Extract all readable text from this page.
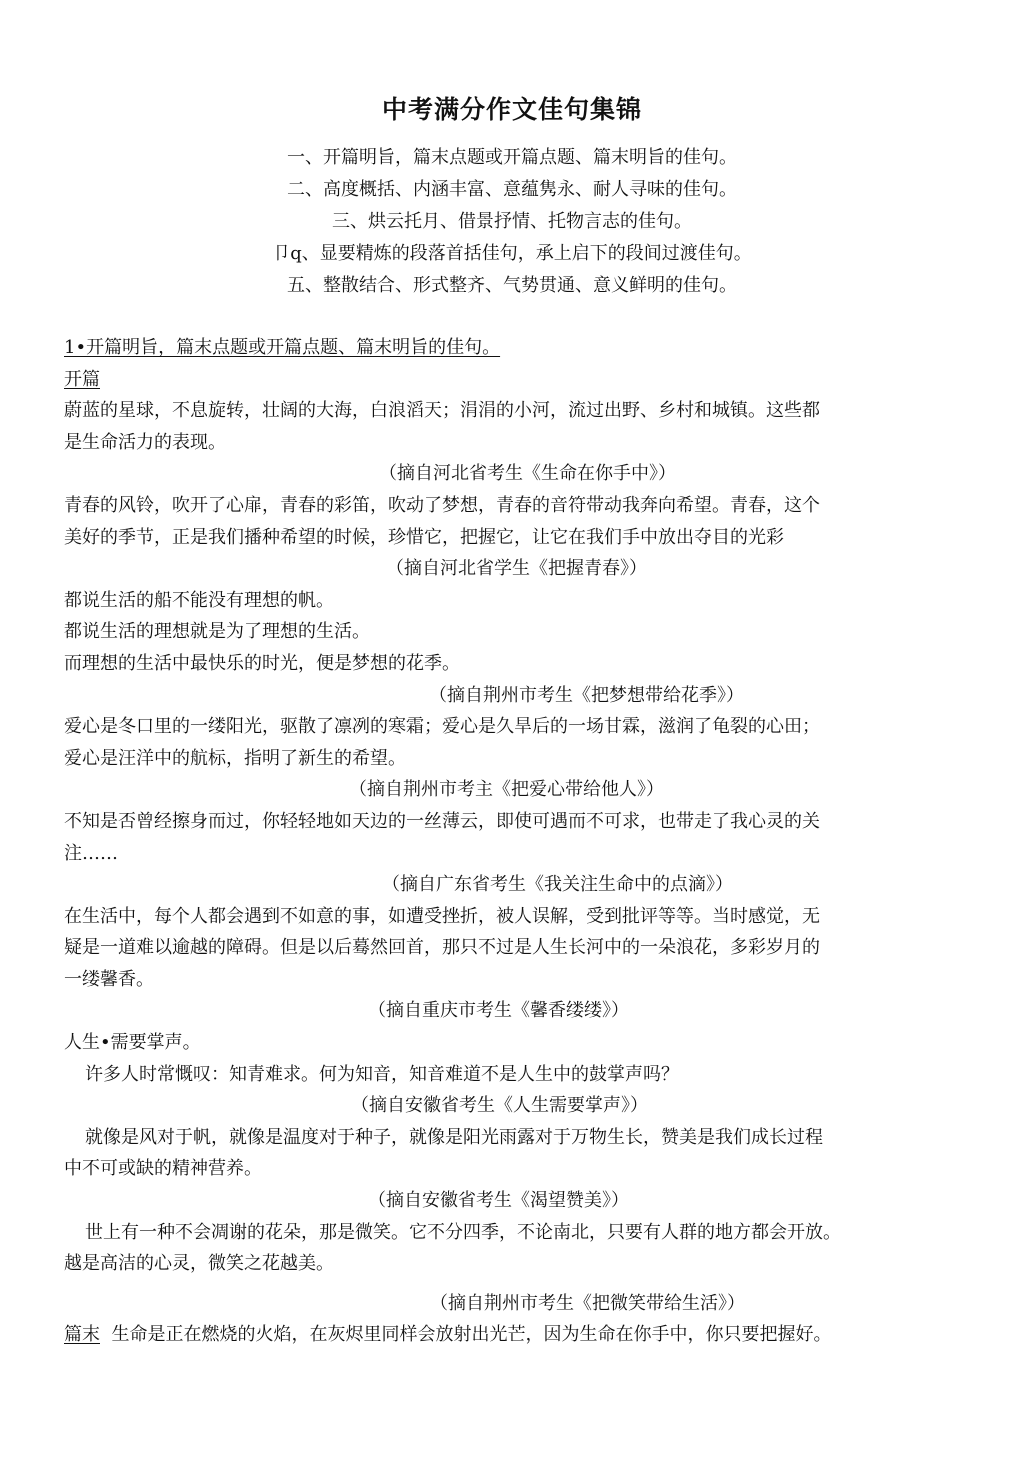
中考满分作文佳句集锦
一、开篇明旨，篇末点题或开篇点题、篇末明旨的佳句。
二、高度概括、内涵丰富、意蕴隽永、耐人寻味的佳句。
三、烘云托月、借景抒情、托物言志的佳句。
卩q、显要精炼的段落首括佳句，承上启下的段间过渡佳句。
五、整散结合、形式整齐、气势贯通、意义鲜明的佳句。
1•开篇明旨，篇末点题或开篇点题、篇末明旨的佳句。
开篇
蔚蓝的星球，不息旋转，壮阔的大海，白浪滔天；涓涓的小河，流过出野、乡村和城镇。这些都
是生命活力的表现。
（摘自河北省考生《生命在你手中》）
青春的风铃，吹开了心扉，青春的彩笛，吹动了梦想，青春的音符带动我奔向希望。青春，这个
美好的季节，正是我们播种希望的时候，珍惜它，把握它，让它在我们手中放出夺目的光彩
（摘自河北省学生《把握青春》）
都说生活的船不能没有理想的帆。
都说生活的理想就是为了理想的生活。
而理想的生活中最快乐的时光，便是梦想的花季。
（摘自荆州市考生《把梦想带给花季》）
爱心是冬口里的一缕阳光，驱散了凛冽的寒霜；爱心是久旱后的一场甘霖，滋润了龟裂的心田；
爱心是汪洋中的航标，指明了新生的希望。
（摘自荆州市考主《把爱心带给他人》）
不知是否曾经擦身而过，你轻轻地如天边的一丝薄云，即使可遇而不可求，也带走了我心灵的关
注……
（摘自广东省考生《我关注生命中的点滴》）
在生活中，每个人都会遇到不如意的事，如遭受挫折，被人误解，受到批评等等。当时感觉，无
疑是一道难以逾越的障碍。但是以后蓦然回首，那只不过是人生长河中的一朵浪花，多彩岁月的
一缕馨香。
（摘自重庆市考生《馨香缕缕》）
人生•需要掌声。
许多人时常慨叹：知青难求。何为知音，知音难道不是人生中的鼓掌声吗？
（摘自安徽省考生《人生需要掌声》）
就像是风对于帆，就像是温度对于种子，就像是阳光雨露对于万物生长，赞美是我们成长过程
中不可或缺的精神营养。
（摘自安徽省考生《渴望赞美》）
世上有一种不会凋谢的花朵，那是微笑。它不分四季，不论南北，只要有人群的地方都会开放。
越是高洁的心灵，微笑之花越美。
（摘自荆州市考生《把微笑带给生活》）
篇末 生命是正在燃烧的火焰，在灰烬里同样会放射出光芒，因为生命在你手中，你只要把握好。
